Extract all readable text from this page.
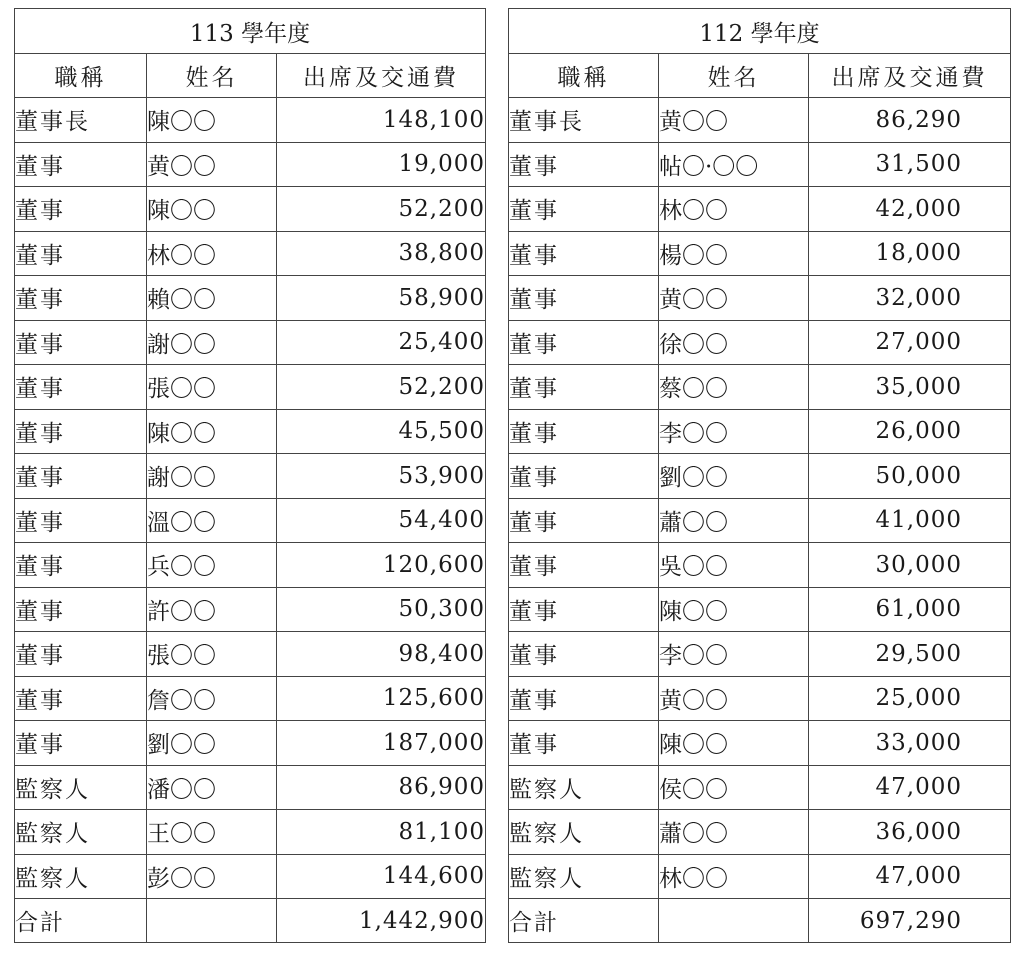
113 學年度		
職稱	姓名	出席及交通費
董事長	陳〇〇	148,100
董事	黄〇〇	19,000
董事	陳〇〇	52,200
董事	林〇〇	38,800
董事	賴〇〇	58,900
董事	謝〇〇	25,400
董事	張〇〇	52,200
董事	陳〇〇	45,500
董事	謝〇〇	53,900
董事	溫〇〇	54,400
董事	兵〇〇	120,600
董事	許〇〇	50,300
董事	張〇〇	98,400
董事	詹〇〇	125,600
董事	劉〇〇	187,000
監察人	潘〇〇	86,900
監察人	王〇〇	81,100
監察人	彭〇〇	144,600
合計		1,442,900
112 學年度		
職稱	姓名	出席及交通費
董事長	黄〇〇	86,290
董事	帖〇·〇〇	31,500
董事	林〇〇	42,000
董事	楊〇〇	18,000
董事	黄〇〇	32,000
董事	徐〇〇	27,000
董事	蔡〇〇	35,000
董事	李〇〇	26,000
董事	劉〇〇	50,000
董事	蕭〇〇	41,000
董事	吳〇〇	30,000
董事	陳〇〇	61,000
董事	李〇〇	29,500
董事	黄〇〇	25,000
董事	陳〇〇	33,000
監察人	侯〇〇	47,000
監察人	蕭〇〇	36,000
監察人	林〇〇	47,000
合計		697,290
